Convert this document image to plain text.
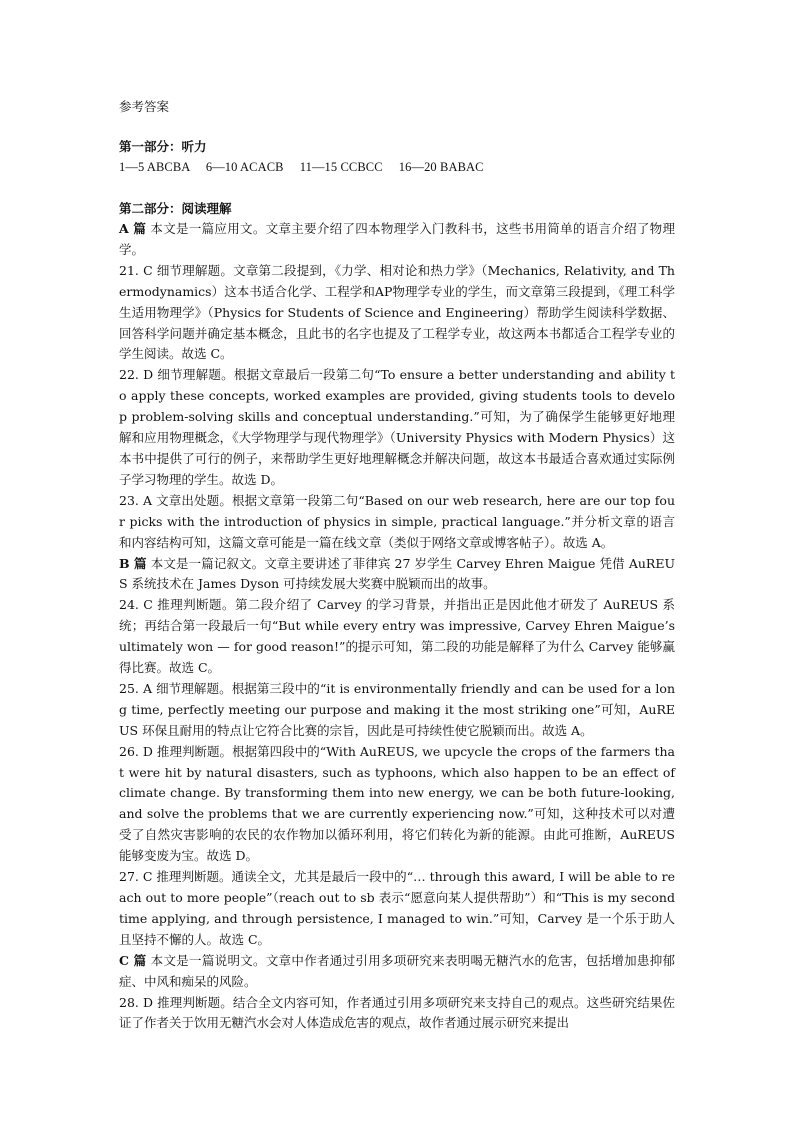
参考答案

第一部分：听力

1—5 ABCBA     6—10 ACACB     11—15 CCBCC     16—20 BABAC

第二部分：阅读理解

A 篇 本文是一篇应用文。文章主要介绍了四本物理学入门教科书，这些书用简单的语言介绍了物理学。

21. C 细节理解题。文章第二段提到，《力学、相对论和热力学》（Mechanics, Relativity, and Thermodynamics）这本书适合化学、工程学和AP物理学专业的学生，而文章第三段提到，《理工科学生适用物理学》（Physics for Students of Science and Engineering）帮助学生阅读科学数据、回答科学问题并确定基本概念，且此书的名字也提及了工程学专业，故这两本书都适合工程学专业的学生阅读。故选 C。

22. D 细节理解题。根据文章最后一段第二句“To ensure a better understanding and ability to apply these concepts, worked examples are provided, giving students tools to develop problem-solving skills and conceptual understanding.”可知，为了确保学生能够更好地理解和应用物理概念，《大学物理学与现代物理学》（University Physics with Modern Physics）这本书中提供了可行的例子，来帮助学生更好地理解概念并解决问题，故这本书最适合喜欢通过实际例子学习物理的学生。故选 D。

23. A 文章出处题。根据文章第一段第二句“Based on our web research, here are our top four picks with the introduction of physics in simple, practical language.”并分析文章的语言和内容结构可知，这篇文章可能是一篇在线文章（类似于网络文章或博客帖子）。故选 A。

B 篇 本文是一篇记叙文。文章主要讲述了菲律宾 27 岁学生 Carvey Ehren Maigue 凭借 AuREUS 系统技术在 James Dyson 可持续发展大奖赛中脱颖而出的故事。

24. C 推理判断题。第二段介绍了 Carvey 的学习背景，并指出正是因此他才研发了 AuREUS 系统；再结合第一段最后一句“But while every entry was impressive, Carvey Ehren Maigue’s ultimately won — for good reason!”的提示可知，第二段的功能是解释了为什么 Carvey 能够赢得比赛。故选 C。

25. A 细节理解题。根据第三段中的“it is environmentally friendly and can be used for a long time, perfectly meeting our purpose and making it the most striking one”可知，AuREUS 环保且耐用的特点让它符合比赛的宗旨，因此是可持续性使它脱颖而出。故选 A。

26. D 推理判断题。根据第四段中的“With AuREUS, we upcycle the crops of the farmers that were hit by natural disasters, such as typhoons, which also happen to be an effect of climate change. By transforming them into new energy, we can be both future-looking, and solve the problems that we are currently experiencing now.”可知，这种技术可以对遭受了自然灾害影响的农民的农作物加以循环利用，将它们转化为新的能源。由此可推断，AuREUS 能够变废为宝。故选 D。

27. C 推理判断题。通读全文，尤其是最后一段中的“… through this award, I will be able to reach out to more people”（reach out to sb 表示“愿意向某人提供帮助”）和“This is my second time applying, and through persistence, I managed to win.”可知，Carvey 是一个乐于助人且坚持不懈的人。故选 C。

C 篇 本文是一篇说明文。文章中作者通过引用多项研究来表明喝无糖汽水的危害，包括增加患抑郁症、中风和痴呆的风险。

28. D 推理判断题。结合全文内容可知，作者通过引用多项研究来支持自己的观点。这些研究结果佐证了作者关于饮用无糖汽水会对人体造成危害的观点，故作者通过展示研究来提出
